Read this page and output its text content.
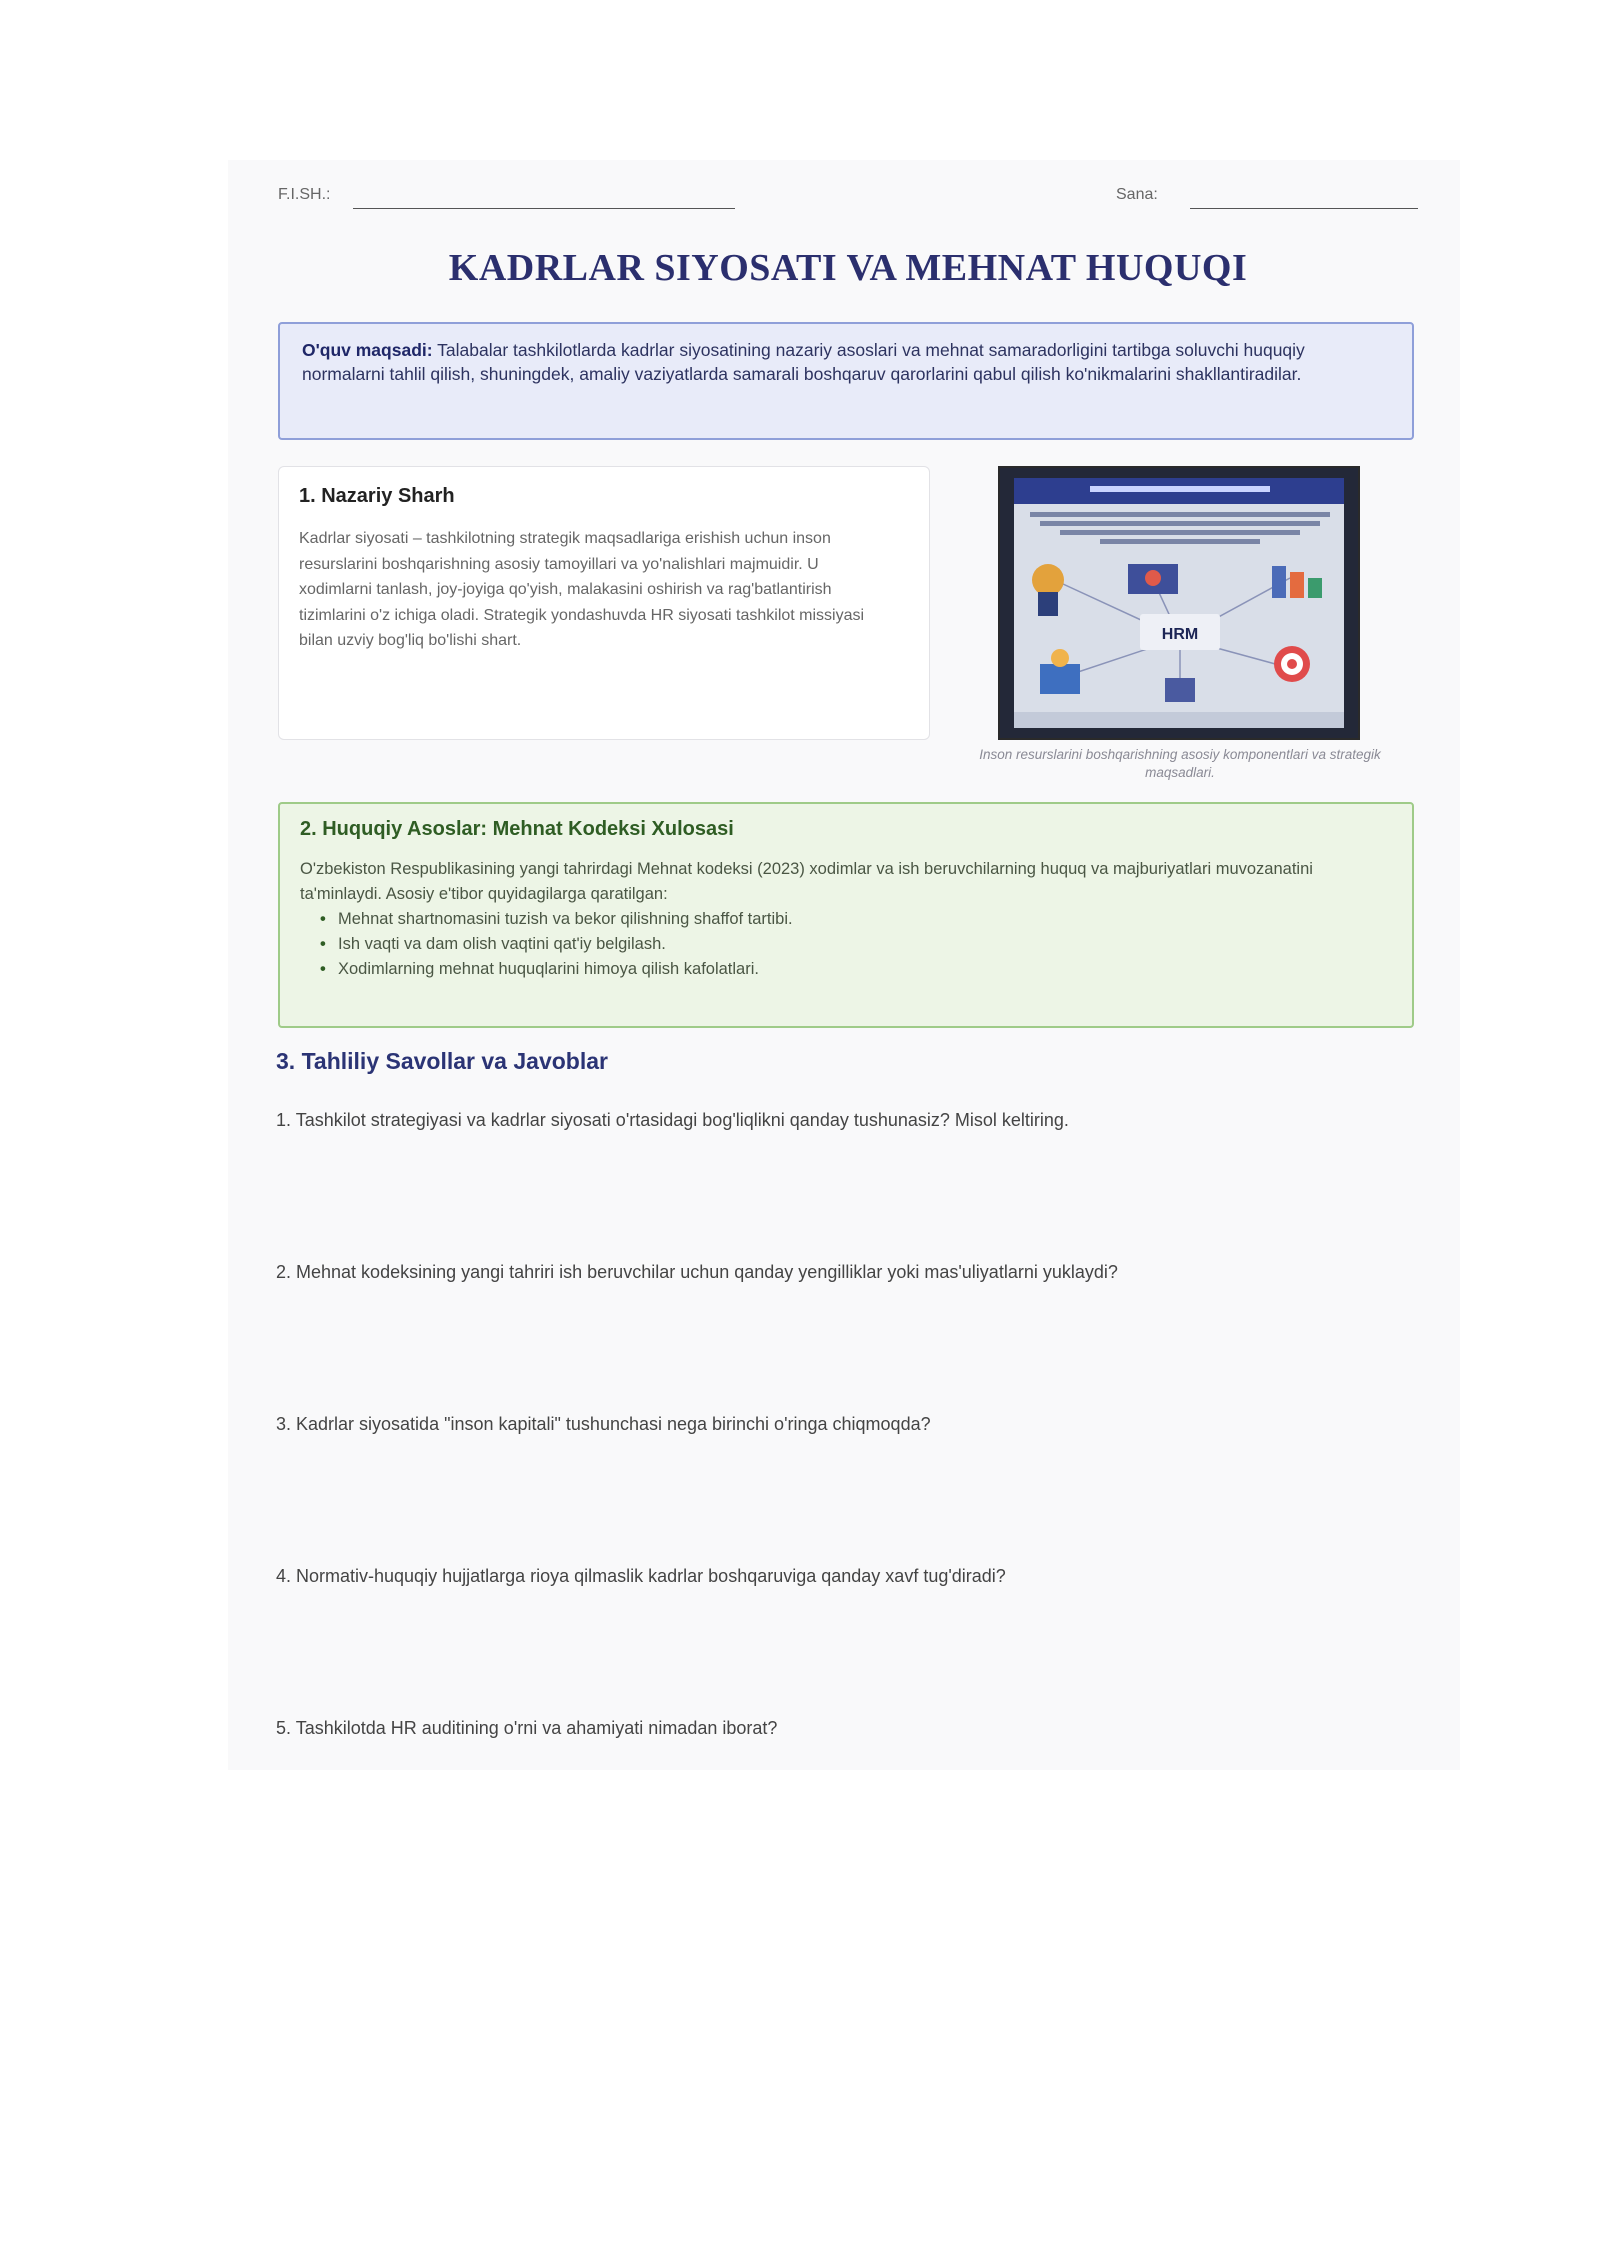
F.I.SH.:	Sana:
KADRLAR SIYOSATI VA MEHNAT HUQUQI
O'quv maqsadi: Talabalar tashkilotlarda kadrlar siyosatining nazariy asoslari va mehnat samaradorligini tartibga soluvchi huquqiy normalarni tahlil qilish, shuningdek, amaliy vaziyatlarda samarali boshqaruv qarorlarini qabul qilish ko'nikmalarini shakllantiradilar.
1. Nazariy Sharh
Kadrlar siyosati – tashkilotning strategik maqsadlariga erishish uchun inson resurslarini boshqarishning asosiy tamoyillari va yo'nalishlari majmuidir. U xodimlarni tanlash, joy-joyiga qo'yish, malakasini oshirish va rag'batlantirish tizimlarini o'z ichiga oladi. Strategik yondashuvda HR siyosati tashkilot missiyasi bilan uzviy bog'liq bo'lishi shart.	HRM
Inson resurslarini boshqarishning asosiy komponentlari va strategik maqsadlari.
2. Huquqiy Asoslar: Mehnat Kodeksi Xulosasi
O'zbekiston Respublikasining yangi tahrirdagi Mehnat kodeksi (2023) xodimlar va ish beruvchilarning huquq va majburiyatlari muvozanatini ta'minlaydi. Asosiy e'tibor quyidagilarga qaratilgan:
• Mehnat shartnomasini tuzish va bekor qilishning shaffof tartibi.
• Ish vaqti va dam olish vaqtini qat'iy belgilash.
• Xodimlarning mehnat huquqlarini himoya qilish kafolatlari.
3. Tahliliy Savollar va Javoblar
1. Tashkilot strategiyasi va kadrlar siyosati o'rtasidagi bog'liqlikni qanday tushunasiz? Misol keltiring.
2. Mehnat kodeksining yangi tahriri ish beruvchilar uchun qanday yengilliklar yoki mas'uliyatlarni yuklaydi?
3. Kadrlar siyosatida "inson kapitali" tushunchasi nega birinchi o'ringa chiqmoqda?
4. Normativ-huquqiy hujjatlarga rioya qilmaslik kadrlar boshqaruviga qanday xavf tug'diradi?
5. Tashkilotda HR auditining o'rni va ahamiyati nimadan iborat?
